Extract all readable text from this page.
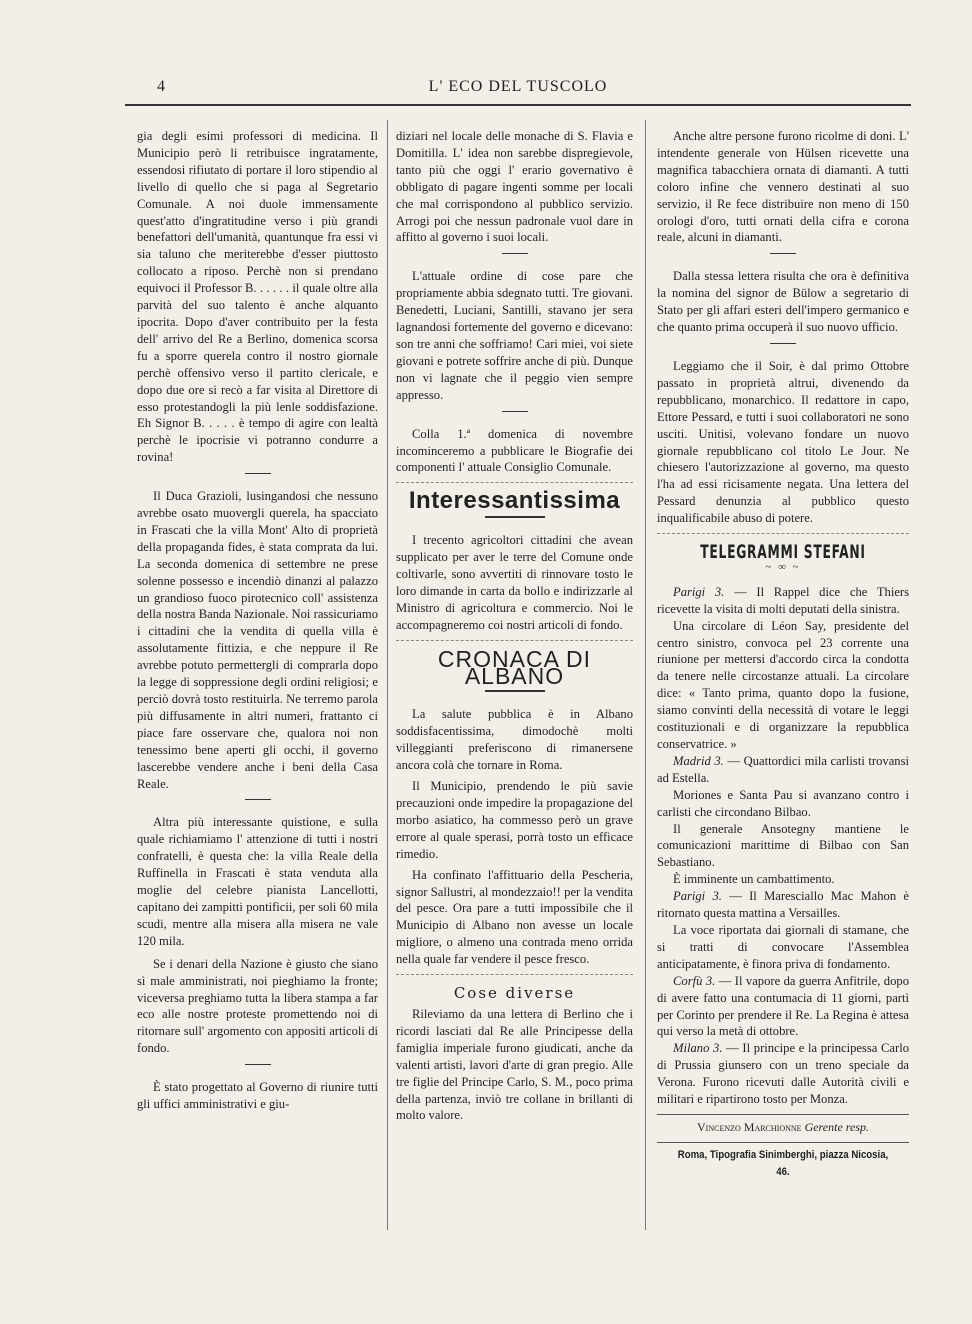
4	L' ECO DEL TUSCOLO

gia degli esimi professori di medicina. Il Municipio però li retribuisce ingratamente, essendosi rifiutato di portare il loro stipendio al livello di quello che si paga al Segretario Comunale. A noi duole immensamente quest'atto d'ingratitudine verso i più grandi benefattori dell'umanità, quantunque fra essi vi sia taluno che meriterebbe d'esser piuttosto collocato a riposo. Perchè non si prendano equivoci il Professor B. . . . . . il quale oltre alla parvità del suo talento è anche alquanto ipocrita. Dopo d'aver contribuito per la festa dell' arrivo del Re a Berlino, domenica scorsa fu a sporre querela contro il nostro giornale perchè offensivo verso il partito clericale, e dopo due ore si recò a far visita al Direttore di esso protestandogli la più lenle soddisfazione. Eh Signor B. . . . . è tempo di agire con lealtà perchè le ipocrisie vi potranno condurre a rovina!

Il Duca Grazioli, lusingandosi che nessuno avrebbe osato muovergli querela, ha spacciato in Frascati che la villa Mont' Alto di proprietà della propaganda fides, è stata comprata da lui. La seconda domenica di settembre ne prese solenne possesso e incendiò dinanzi al palazzo un grandioso fuoco pirotecnico coll' assistenza della nostra Banda Nazionale. Noi rassicuriamo i cittadini che la vendita di quella villa è assolutamente fittizia, e che neppure il Re avrebbe potuto permettergli di comprarla dopo la legge di soppressione degli ordini religiosi; e perciò dovrà tosto restituirla. Ne terremo parola più diffusamente in altri numeri, frattanto ci piace fare osservare che, qualora noi non tenessimo bene aperti gli occhi, il governo lascerebbe vendere anche i beni della Casa Reale.

Altra più interessante quistione, e sulla quale richiamiamo l' attenzione di tutti i nostri confratelli, è questa che: la villa Reale della Ruffinella in Frascati è stata venduta alla moglie del celebre pianista Lancellotti, capitano dei zampitti pontificii, per soli 60 mila scudi, mentre alla misera alla misera ne vale 120 mila.

Se i denari della Nazione è giusto che siano sì male amministrati, noi pieghiamo la fronte; viceversa preghiamo tutta la libera stampa a far eco alle nostre proteste promettendo noi di ritornare sull' argomento con appositi articoli di fondo.

È stato progettato al Governo di riunire tutti gli uffici amministrativi e giu-

diziari nel locale delle monache di S. Flavia e Domitilla. L' idea non sarebbe dispregievole, tanto più che oggi l' erario governativo è obbligato di pagare ingenti somme per locali che mal corrispondono al pubblico servizio. Arrogi poi che nessun padronale vuol dare in affitto al governo i suoi locali.

L'attuale ordine di cose pare che propriamente abbia sdegnato tutti. Tre giovani. Benedetti, Luciani, Santilli, stavano jer sera lagnandosi fortemente del governo e dicevano: son tre anni che soffriamo! Cari miei, voi siete giovani e potrete soffrire anche di più. Dunque non vi lagnate che il peggio vien sempre appresso.

Colla 1.ª domenica di novembre incominceremo a pubblicare le Biografie dei componenti l' attuale Consiglio Comunale.

Interessantissima

I trecento agricoltori cittadini che avean supplicato per aver le terre del Comune onde coltivarle, sono avvertiti di rinnovare tosto le loro dimande in carta da bollo e indirizzarle al Ministro di agricoltura e commercio. Noi le accompagneremo coi nostri articoli di fondo.

CRONACA DI ALBANO

La salute pubblica è in Albano soddisfacentissima, dimodochè molti villeggianti preferiscono di rimanersene ancora colà che tornare in Roma.

Il Municipio, prendendo le più savie precauzioni onde impedire la propagazione del morbo asiatico, ha commesso però un grave errore al quale sperasi, porrà tosto un efficace rimedio.

Ha confinato l'affittuario della Pescheria, signor Sallustri, al mondezzaio!! per la vendita del pesce. Ora pare a tutti impossibile che il Municipio di Albano non avesse un locale migliore, o almeno una contrada meno orrida nella quale far vendere il pesce fresco.

Cose diverse

Rileviamo da una lettera di Berlino che i ricordi lasciati dal Re alle Principesse della famiglia imperiale furono giudicati, anche da valenti artisti, lavori d'arte di gran pregio. Alle tre figlie del Principe Carlo, S. M., poco prima della partenza, inviò tre collane in brillanti di molto valore.

Anche altre persone furono ricolme di doni. L' intendente generale von Hülsen ricevette una magnifica tabacchiera ornata di diamanti. A tutti coloro infine che vennero destinati al suo servizio, il Re fece distribuire non meno di 150 orologi d'oro, tutti ornati della cifra e corona reale, alcuni in diamanti.

Dalla stessa lettera risulta che ora è definitiva la nomina del signor de Bülow a segretario di Stato per gli affari esteri dell'impero germanico e che quanto prima occuperà il suo nuovo ufficio.

Leggiamo che il Soir, è dal primo Ottobre passato in proprietà altrui, divenendo da repubblicano, monarchico. Il redattore in capo, Ettore Pessard, e tutti i suoi collaboratori ne sono usciti. Unitisi, volevano fondare un nuovo giornale repubblicano col titolo Le Jour. Ne chiesero l'autorizzazione al governo, ma questo l'ha ad essi ricisamente negata. Una lettera del Pessard denunzia al pubblico questo inqualificabile abuso di potere.

TELEGRAMMI STEFANI
~ ∞ ~

Parigi 3. — Il Rappel dice che Thiers ricevette la visita di molti deputati della sinistra.

Una circolare di Léon Say, presidente del centro sinistro, convoca pel 23 corrente una riunione per mettersi d'accordo circa la condotta da tenere nelle circostanze attuali. La circolare dice: « Tanto prima, quanto dopo la fusione, siamo convinti della necessità di votare le leggi costituzionali e di organizzare la repubblica conservatrice. »

Madrid 3. — Quattordici mila carlisti trovansi ad Estella.

Moriones e Santa Pau si avanzano contro i carlisti che circondano Bilbao.

Il generale Ansotegny mantiene le comunicazioni marittime di Bilbao con San Sebastiano.

È imminente un cambattimento.

Parigi 3. — Il Maresciallo Mac Mahon è ritornato questa mattina a Versailles.

La voce riportata dai giornali di stamane, che si tratti di convocare l'Assemblea anticipatamente, è finora priva di fondamento.

Corfù 3. — Il vapore da guerra Anfitrile, dopo di avere fatto una contumacia di 11 giorni, partì per Corinto per prendere il Re. La Regina è attesa qui verso la metà di ottobre.

Milano 3. — Il principe e la principessa Carlo di Prussia giunsero con un treno speciale da Verona. Furono ricevuti dalle Autorità civili e militari e ripartirono tosto per Monza.

Vincenzo Marchionne Gerente resp.
Roma, Tipografia Sinimberghi, piazza Nicosia, 46.
